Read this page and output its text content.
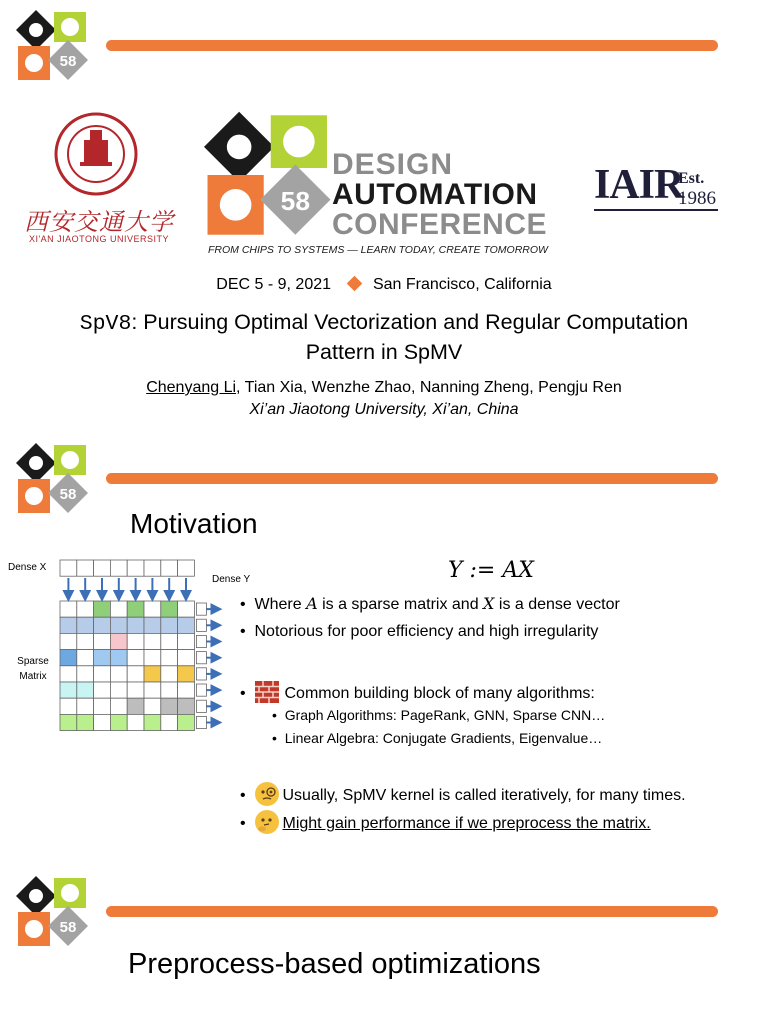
58
西安交通大学
XI'AN JIAOTONG UNIVERSITY
58
DESIGN
AUTOMATION
CONFERENCE
FROM CHIPS TO SYSTEMS — LEARN TODAY, CREATE TOMORROW
IAIR
Est.
1986
DEC 5 - 9, 2021	San Francisco, California
SpV8: Pursuing Optimal Vectorization and Regular Computation
Pattern in SpMV
Chenyang Li, Tian Xia, Wenzhe Zhao, Nanning Zheng, Pengju Ren
Xi’an Jiaotong University, Xi’an, China
58
Motivation
Y := AX
Dense X
Dense Y
Sparse
Matrix
•  Where A is a sparse matrix and X is a dense vector
•  Notorious for poor efficiency and high irregularity
•  Common building block of many algorithms:
•  Graph Algorithms: PageRank, GNN, Sparse CNN…
•  Linear Algebra: Conjugate Gradients, Eigenvalue…
•  Usually, SpMV kernel is called iteratively, for many times.
•  Might gain performance if we preprocess the matrix.
58
Preprocess-based optimizations
